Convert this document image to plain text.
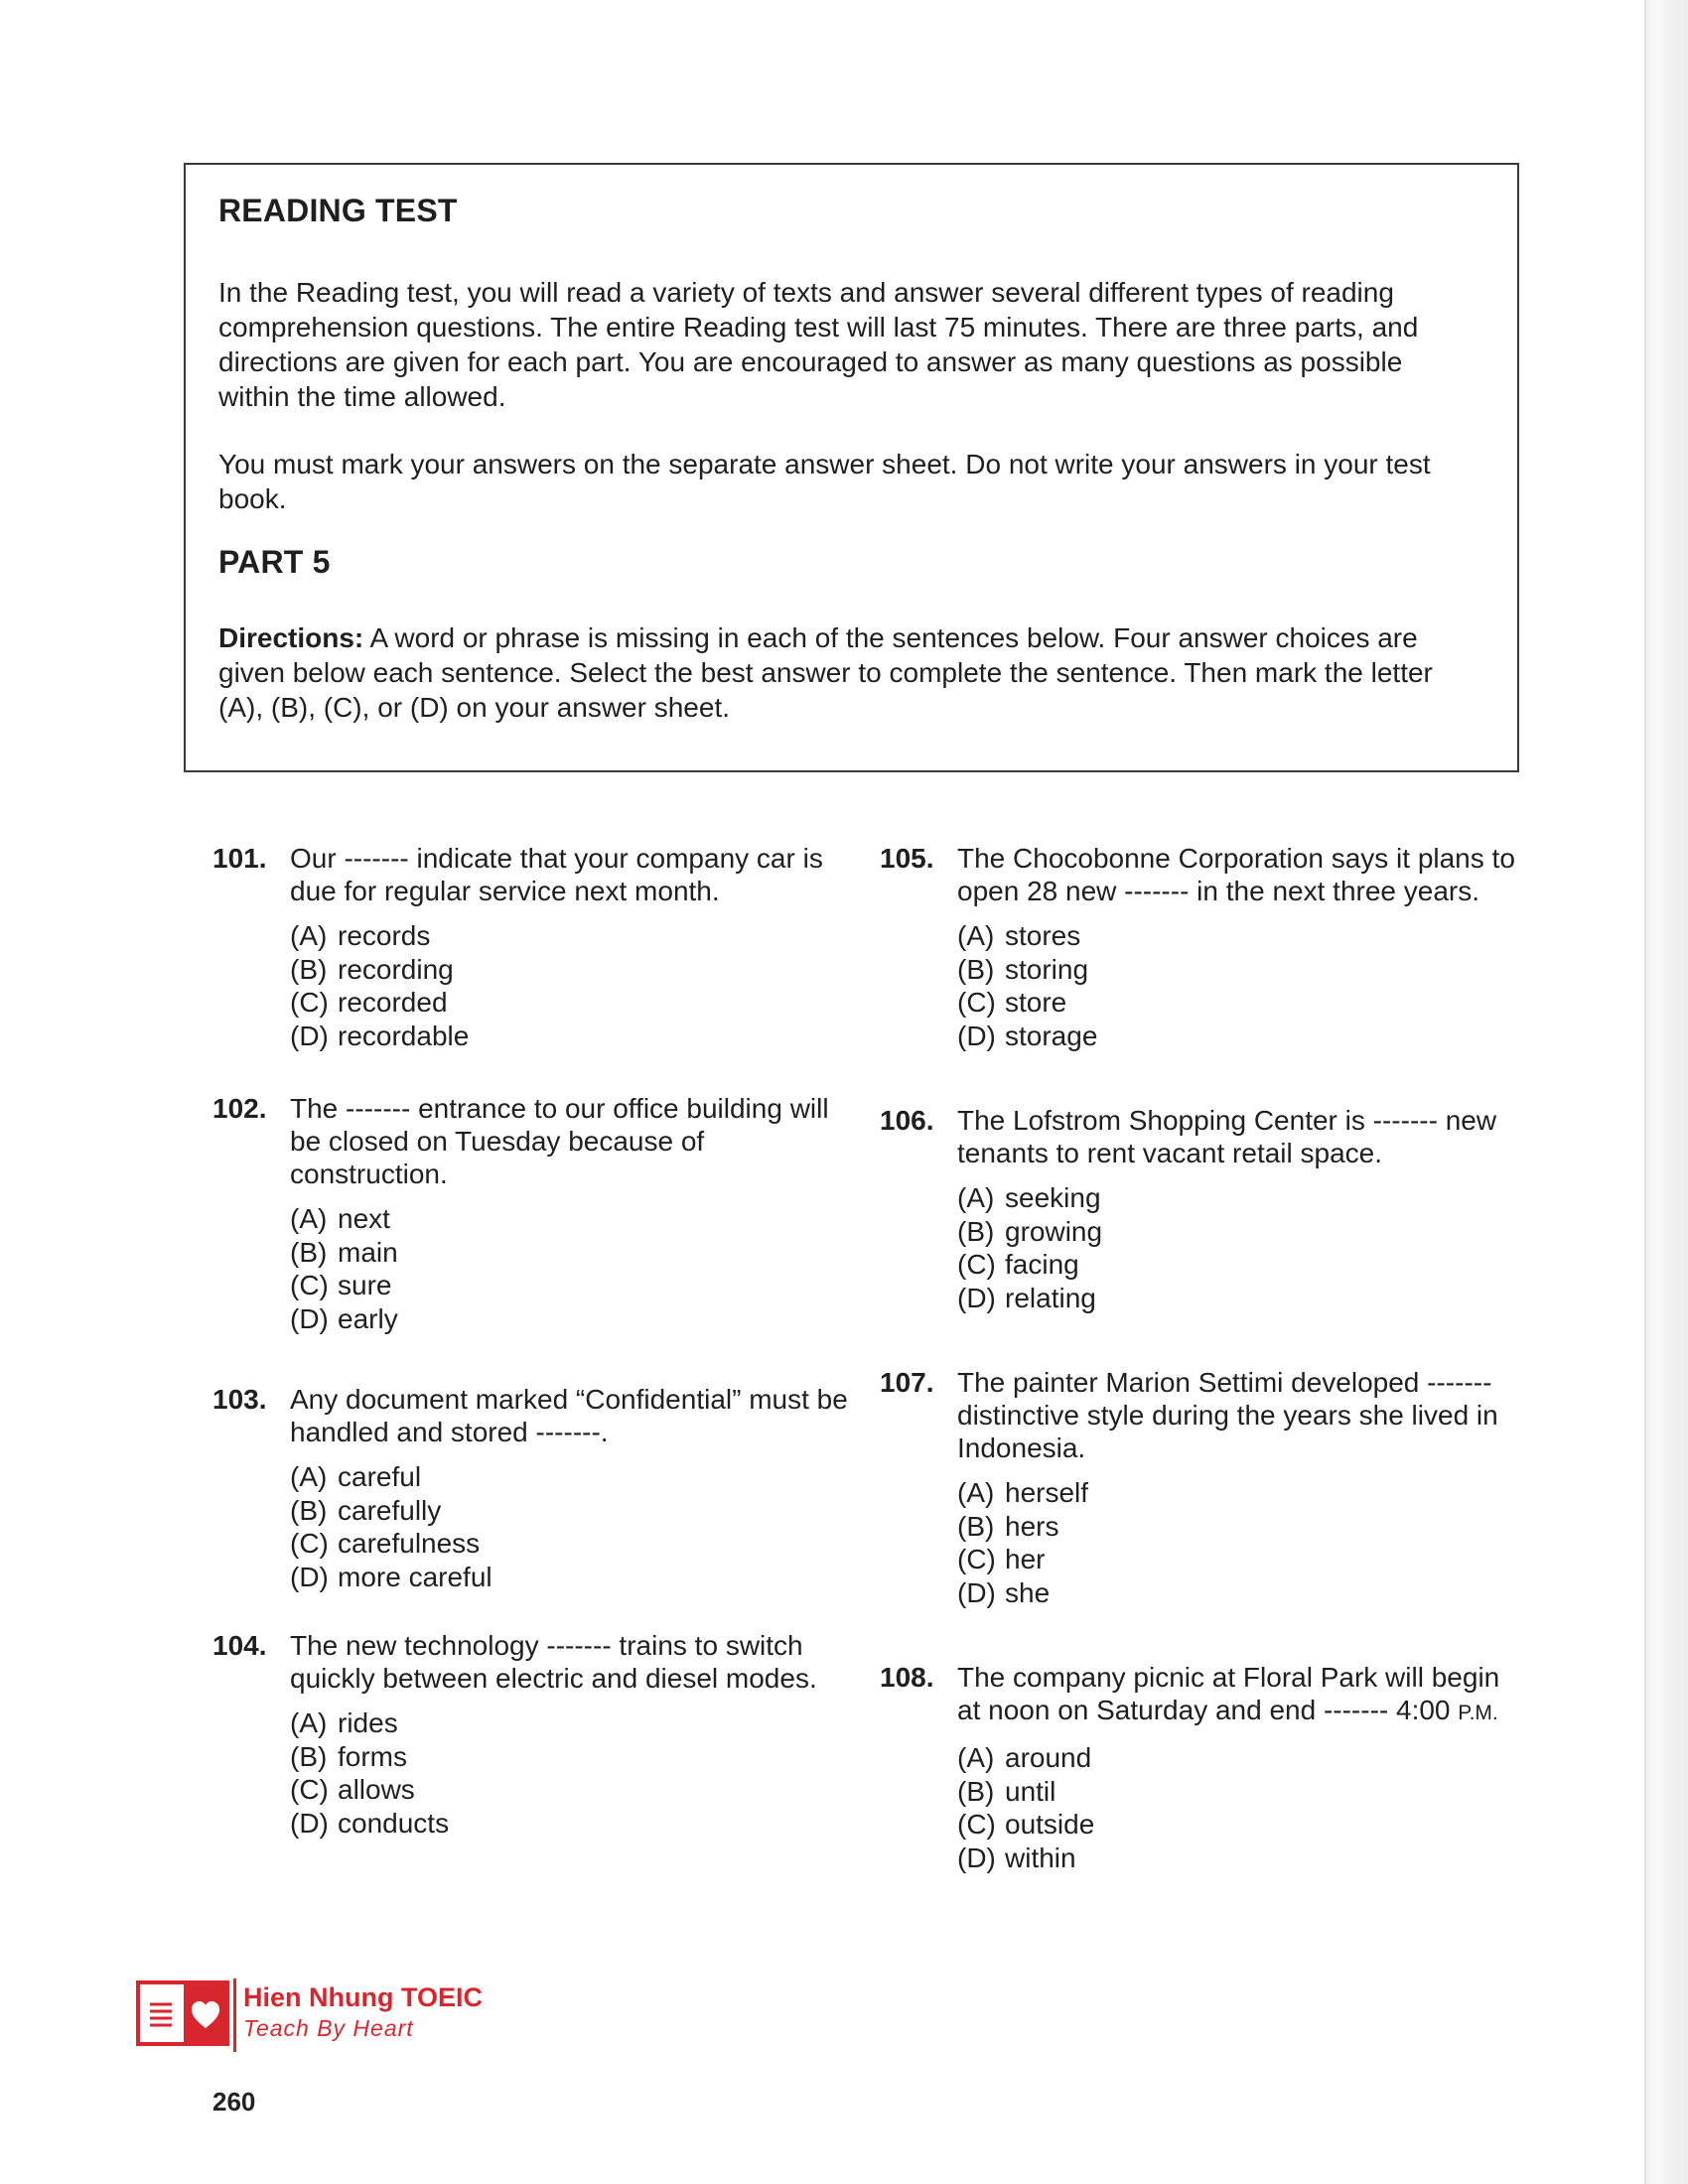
READING TEST

In the Reading test, you will read a variety of texts and answer several different types of reading comprehension questions. The entire Reading test will last 75 minutes. There are three parts, and directions are given for each part. You are encouraged to answer as many questions as possible within the time allowed.

You must mark your answers on the separate answer sheet. Do not write your answers in your test book.

PART 5

Directions: A word or phrase is missing in each of the sentences below. Four answer choices are given below each sentence. Select the best answer to complete the sentence. Then mark the letter (A), (B), (C), or (D) on your answer sheet.

101. Our ------- indicate that your company car is due for regular service next month.

(A) records
(B) recording
(C) recorded
(D) recordable
102. The ------- entrance to our office building will be closed on Tuesday because of construction.

(A) next
(B) main
(C) sure
(D) early
103. Any document marked “Confidential” must be handled and stored -------.

(A) careful
(B) carefully
(C) carefulness
(D) more careful
104. The new technology ------- trains to switch quickly between electric and diesel modes.

(A) rides
(B) forms
(C) allows
(D) conducts
105. The Chocobonne Corporation says it plans to open 28 new ------- in the next three years.

(A) stores
(B) storing
(C) store
(D) storage
106. The Lofstrom Shopping Center is ------- new tenants to rent vacant retail space.

(A) seeking
(B) growing
(C) facing
(D) relating
107. The painter Marion Settimi developed ------- distinctive style during the years she lived in Indonesia.

(A) herself
(B) hers
(C) her
(D) she
108. The company picnic at Floral Park will begin at noon on Saturday and end ------- 4:00 P.M.

(A) around
(B) until
(C) outside
(D) within
Hien Nhung TOEIC
Teach By Heart
260
